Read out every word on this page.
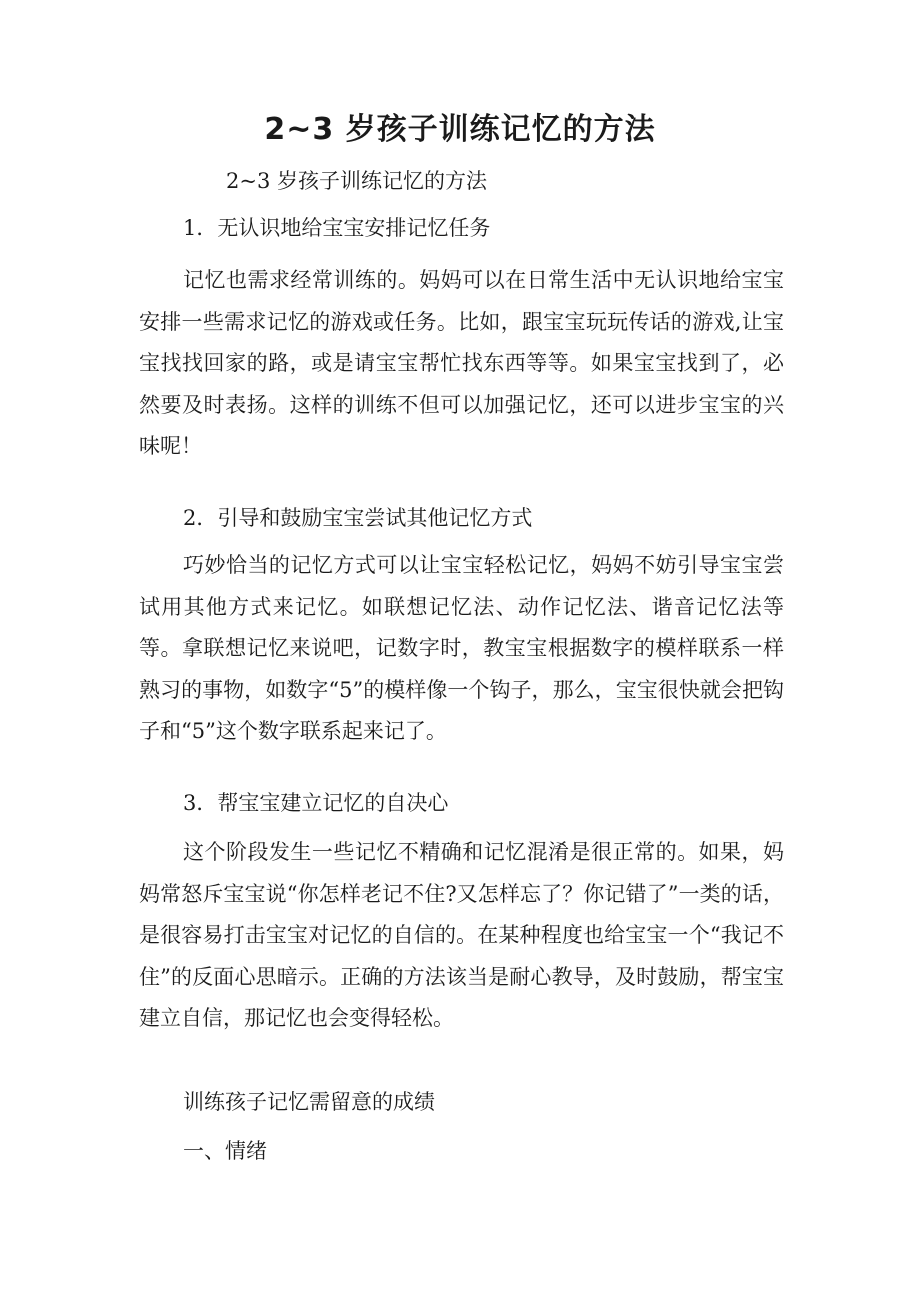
2~3 岁孩子训练记忆的方法
2~3 岁孩子训练记忆的方法
1．无认识地给宝宝安排记忆任务
记忆也需求经常训练的。妈妈可以在日常生活中无认识地给宝宝安排一些需求记忆的游戏或任务。比如，跟宝宝玩玩传话的游戏,让宝宝找找回家的路，或是请宝宝帮忙找东西等等。如果宝宝找到了，必然要及时表扬。这样的训练不但可以加强记忆，还可以进步宝宝的兴味呢！
2．引导和鼓励宝宝尝试其他记忆方式
巧妙恰当的记忆方式可以让宝宝轻松记忆，妈妈不妨引导宝宝尝试用其他方式来记忆。如联想记忆法、动作记忆法、谐音记忆法等等。拿联想记忆来说吧，记数字时，教宝宝根据数字的模样联系一样熟习的事物，如数字“5”的模样像一个钩子，那么，宝宝很快就会把钩子和“5”这个数字联系起来记了。
3．帮宝宝建立记忆的自决心
这个阶段发生一些记忆不精确和记忆混淆是很正常的。如果，妈妈常怒斥宝宝说“你怎样老记不住?又怎样忘了？你记错了”一类的话，是很容易打击宝宝对记忆的自信的。在某种程度也给宝宝一个“我记不住”的反面心思暗示。正确的方法该当是耐心教导，及时鼓励，帮宝宝建立自信，那记忆也会变得轻松。
训练孩子记忆需留意的成绩
一、情绪
